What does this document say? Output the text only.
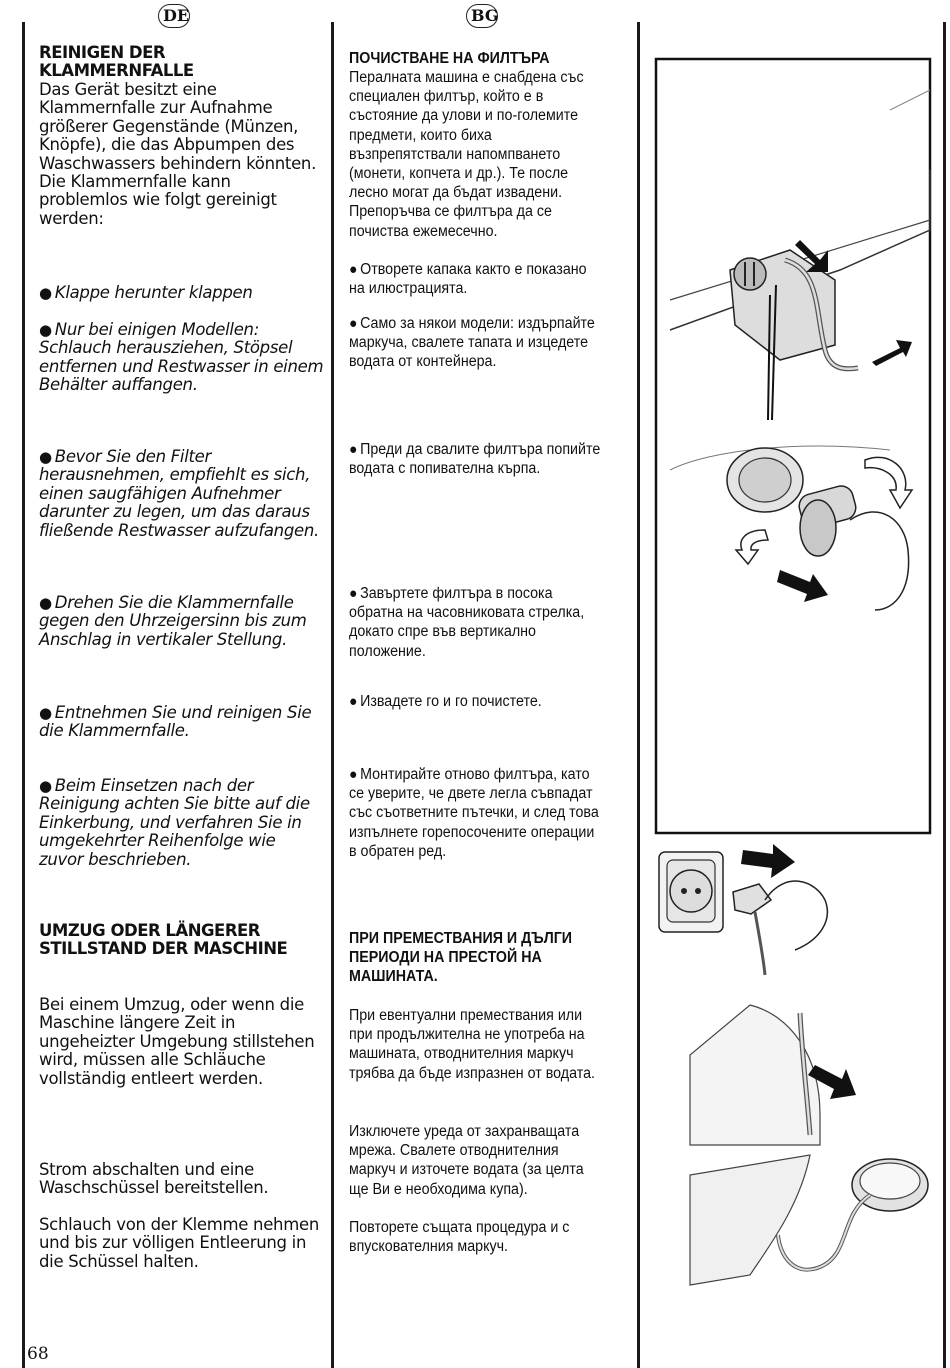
DE	BG
REINIGEN DER KLAMMERNFALLE
Das Gerät besitzt eine Klammernfalle zur Aufnahme größerer Gegenstände (Münzen, Knöpfe), die das Abpumpen des Waschwassers behindern könnten. Die Klammernfalle kann problemlos wie folgt gereinigt werden:
● Klappe herunter klappen
● Nur bei einigen Modellen: Schlauch herausziehen, Stöpsel entfernen und Restwasser in einem Behälter auffangen.
● Bevor Sie den Filter herausnehmen, empfiehlt es sich, einen saugfähigen Aufnehmer darunter zu legen, um das daraus fließende Restwasser aufzufangen.
● Drehen Sie die Klammernfalle gegen den Uhrzeigersinn bis zum Anschlag in vertikaler Stellung.
● Entnehmen Sie und reinigen Sie die Klammernfalle.
● Beim Einsetzen nach der Reinigung achten Sie bitte auf die Einkerbung, und verfahren Sie in umgekehrter Reihenfolge wie zuvor beschrieben.
UMZUG ODER LÄNGERER STILLSTAND DER MASCHINE
Bei einem Umzug, oder wenn die Maschine längere Zeit in ungeheizter Umgebung stillstehen wird, müssen alle Schläuche vollständig entleert werden.
Strom abschalten und eine Waschschüssel bereitstellen.
Schlauch von der Klemme nehmen und bis zur völligen Entleerung in die Schüssel halten.
ПОЧИСТВАНЕ НА ФИЛТЪРА
Пералната машина е снабдена със специален филтър, който е в състояние да улови и по-големите предмети, които биха възпрепятствали напомпването (монети, копчета и др.). Те после лесно могат да бъдат извадени. Препоръчва се филтъра да се почиства ежемесечно.
● Отворете капака както е показано на илюстрацията.
● Само за някои модели: издърпайте маркуча, свалете тапата и изцедете водата от контейнера.
● Преди да свалите филтъра попийте водата с попивателна кърпа.
● Завъртете филтъра в посока обратна на часовниковата стрелка, докато спре във вертикално положение.
● Извадете го и го почистете.
● Монтирайте отново филтъра, като се уверите, че двете легла съвпадат със съответните пътечки, и след това изпълнете горепосочените операции в обратен ред.
ПРИ ПРЕМЕСТВАНИЯ И ДЪЛГИ ПЕРИОДИ НА ПРЕСТОЙ НА МАШИНАТА.
При евентуални премествания или при продължителна не употреба на машината, отводнителния маркуч трябва да бъде изпразнен от водата.
Изключете уреда от захранващата мрежа. Свалете отводнителния маркуч и източете водата (за целта ще Ви е необходима купа).
Повторете същата процедура и с впускователния маркуч.
68
